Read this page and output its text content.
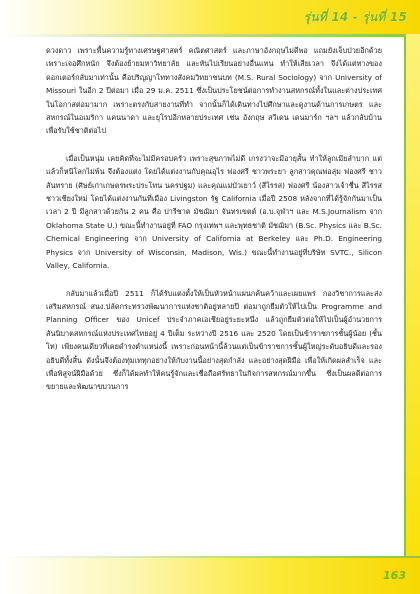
รุ่นที่ 14 - รุ่นที่ 15

ดวงดาว เพราะพื้นความรู้ทางเศรษฐศาสตร์ คณิตศาสตร์ และภาษาอังกฤษไม่ดีพอ แถมยังเจ็บป่วยอีกด้วยเพราะเจอศึกหนัก จึงต้องย้ายมหาวิทยาลัย และหันไปเรียนอย่างอื่นแทน ทำให้เสียเวลา จึงได้แต่ทางของดอกเตอร์กลับมาเท่านั้น คือปริญญาโททางสังคมวิทยาชนบท (M.S. Rural Sociology) จาก University of Missouri ในอีก 2 ปีต่อมา เมื่อ 29 ม.ค. 2511 ซึ่งเป็นประโยชน์ต่อการทำงานสหกรณ์ทั้งในและต่างประเทศ ในโอกาสต่อมามาก เพราะตรงกับสายงานที่ทำ จากนั้นก็ได้เดินทางไปศึกษาและดูงานด้านการเกษตร และสหกรณ์ในอเมริกา แคนนาดา และยุโรปอีกหลายประเทศ เช่น อังกฤษ สวีเดน เดนมาร์ก ฯลฯ แล้วกลับบ้านเพื่อรับใช้ชาติต่อไป

เมื่อเป็นหนุ่ม เคยคิดที่จะไม่มีครอบครัว เพราะสุขภาพไม่ดี เกรงว่าจะมีอายุสั้น ทำให้ลูกเมียลำบาก แต่แล้วก็หนีโลกไม่พ้น จึงต้องแต่ง โดยได้แต่งงานกับคุณอุไร ฟองศรี ชาวพระยา ลูกสาวคุณพ่อลุ่ม ฟองศรี ชาวสันทราย (ศิษย์เก่าเกษตรพระประโทน นครปฐม) และคุณแม่บัวเยาว์ (สีไรรส) ฟองศรี น้องสาวเจ้าชื่น สีไรรส ชาวเชียงใหม่ โดยได้แต่งงานกันที่เมือง Livingston รัฐ California เมื่อปี 2508 หลังจากที่ได้รู้จักกันมาเป็นเวลา 2 ปี มีลูกสาวด้วยกัน 2 คน คือ ปารีชาต มัชฌิมา จันทรเขตต์ (อ.บ.จุฬาฯ และ M.S.Journalism จาก Oklahoma State U.) ขณะนี้ทำงานอยู่ที่ FAO กรุงเทพฯ และพุทธชาติ มัชฌิมา (B.Sc. Physics และ B.Sc. Chemical Engineering จาก University of California at Berkeley และ Ph.D. Engineering Physics จาก University of Wisconsin, Madison, Wis.) ขณะนี้ทำงานอยู่ที่บริษัท SVTC., Silicon Valley, California.

กลับมาแล้วเมื่อปี 2511 ก็ได้รับแต่งตั้งให้เป็นหัวหน้าแผนกค้นคว้าและเผยแพร่ กองวิชาการและส่งเสริมสหกรณ์ สนง.ปลัดกระทรวงพัฒนาการแห่งชาติอยู่หลายปี ต่อมาถูกยืมตัวให้ไปเป็น Programme and Planning Officer ของ Unicef ประจำภาคเอเชียอยู่ระยะหนึ่ง แล้วถูกยืมตัวต่อให้ไปเป็นผู้อำนวยการสันนิบาตสหกรณ์แห่งประเทศไทยอยู่ 4 ปีเต็ม ระหว่างปี 2516 และ 2520 โดยเป็นข้าราชการชั้นผู้น้อย (ชั้นโท) เพียงคนเดียวที่เคยดำรงตำแหน่งนี้ เพราะก่อนหน้านี้ล้วนแต่เป็นข้าราชการชั้นผู้ใหญ่ระดับอธิบดีและรองอธิบดีทั้งสิ้น ดังนั้นจึงต้องทุ่มเททุกอย่างให้กับงานนี้อย่างสุดกำลัง และอย่างสุดฝีมือ เพื่อให้เกิดผลสำเร็จ และเพื่อพิสูจน์ฝีมือด้วย ซึ่งก็ได้ผลทำให้คนรู้จักและเชื่อถือศรัทธาในกิจการสหกรณ์มากขึ้น ซึ่งเป็นผลดีต่อการขยายและพัฒนาขบวนการ

163
